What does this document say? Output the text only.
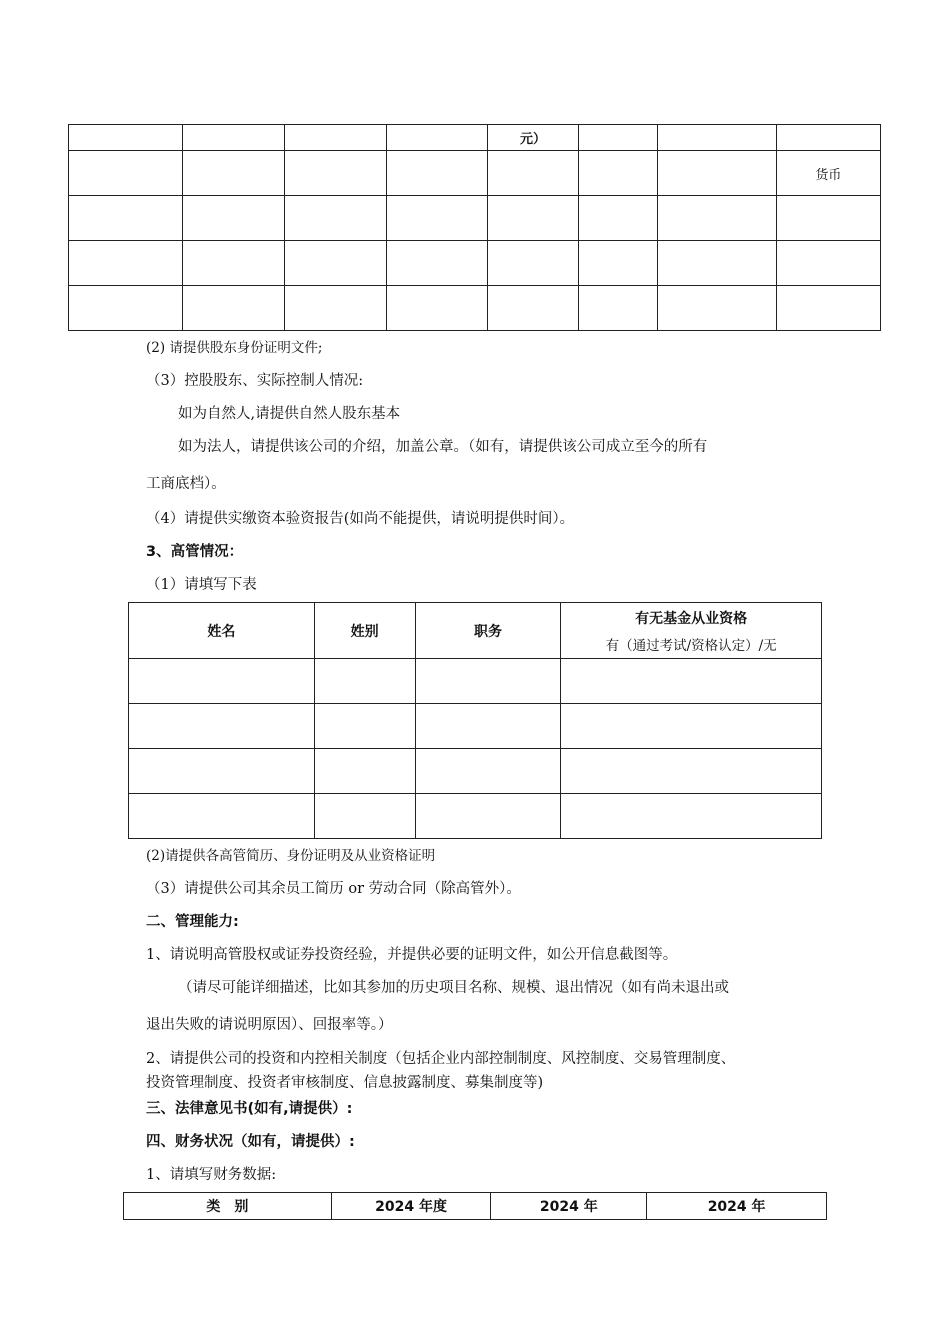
				元）			
							货币

(2) 请提供股东身份证明文件;
（3）控股股东、实际控制人情况:
如为自然人,请提供自然人股东基本
如为法人，请提供该公司的介绍，加盖公章。（如有，请提供该公司成立至今的所有
工商底档）。
（4）请提供实缴资本验资报告(如尚不能提供，请说明提供时间）。
3、高管情况：
（1）请填写下表
姓名	姓别	职务	有无基金从业资格
有（通过考试/资格认定）/无

(2)请提供各高管简历、身份证明及从业资格证明
（3）请提供公司其余员工简历 or 劳动合同（除高管外）。
二、管理能力:
1、请说明高管股权或证券投资经验，并提供必要的证明文件，如公开信息截图等。
（请尽可能详细描述，比如其参加的历史项目名称、规模、退出情况（如有尚未退出或
退出失败的请说明原因）、回报率等。）
2、请提供公司的投资和内控相关制度（包括企业内部控制制度、风控制度、交易管理制度、
投资管理制度、投资者审核制度、信息披露制度、募集制度等)
三、法律意见书(如有,请提供）:
四、财务状况（如有，请提供）:
1、请填写财务数据:
类　别	2024 年度	2024 年	2024 年
